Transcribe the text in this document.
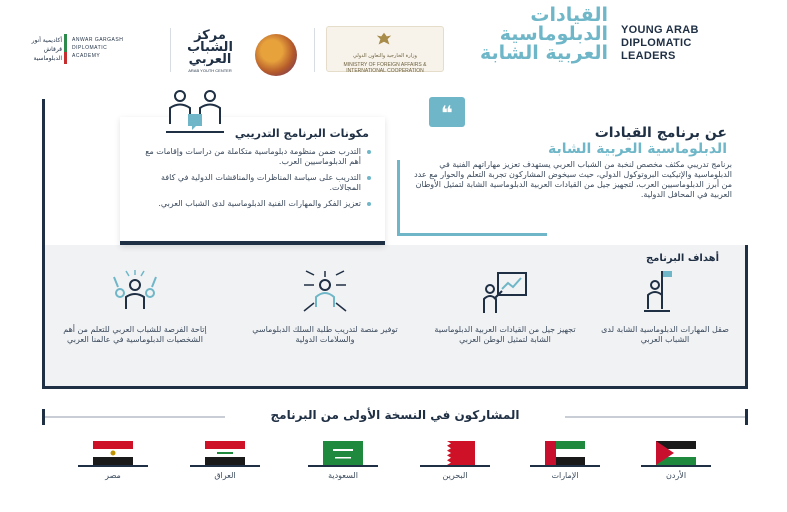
القيادات
الدبلوماسية
العربية الشابة
YOUNG ARAB
DIPLOMATIC
LEADERS
وزارة الخارجية والتعاون الدولي
MINISTRY OF FOREIGN AFFAIRS & INTERNATIONAL COOPERATION
مركز الشباب العربي
ARAB YOUTH CENTER
أكاديمية أنور قرقاش الدبلوماسية
ANWAR GARGASH
DIPLOMATIC
ACADEMY
أهداف البرنامج
صقل المهارات الدبلوماسية الشابة لدى الشباب العربي
تجهيز جيل من القيادات العربية الدبلوماسية الشابة لتمثيل الوطن العربي
توفير منصة لتدريب طلبة السلك الدبلوماسي والسلامات الدولية
إتاحة الفرصة للشباب العربي للتعلم من أهم الشخصيات الدبلوماسية في عالمنا العربي
مكونات البرنامج التدريبي
التدرب ضمن منظومة دبلوماسية متكاملة من دراسات وإقامات مع أهم الدبلوماسيين العرب.
التدريب على سياسة المناظرات والمناقشات الدولية في كافة المجالات.
تعزيز الفكر والمهارات الفنية الدبلوماسية لدى الشباب العربي.
❝
عن برنامج القيادات
الدبلوماسية العربية الشابة
برنامج تدريبي مكثف مخصص لنخبة من الشباب العربي يستهدف تعزيز مهاراتهم الفنية في الدبلوماسية والإتيكيت البروتوكول الدولي، حيث سيخوض المشاركون تجربة التعلم والحوار مع عدد من أبرز الدبلوماسيين العرب، لتجهيز جيل من القيادات العربية الدبلوماسية الشابة لتمثيل الأوطان العربية في المحافل الدولية.
المشاركون في النسخة الأولى من البرنامج
الأردن
الإمارات
البحرين
السعودية
العراق
مصر
